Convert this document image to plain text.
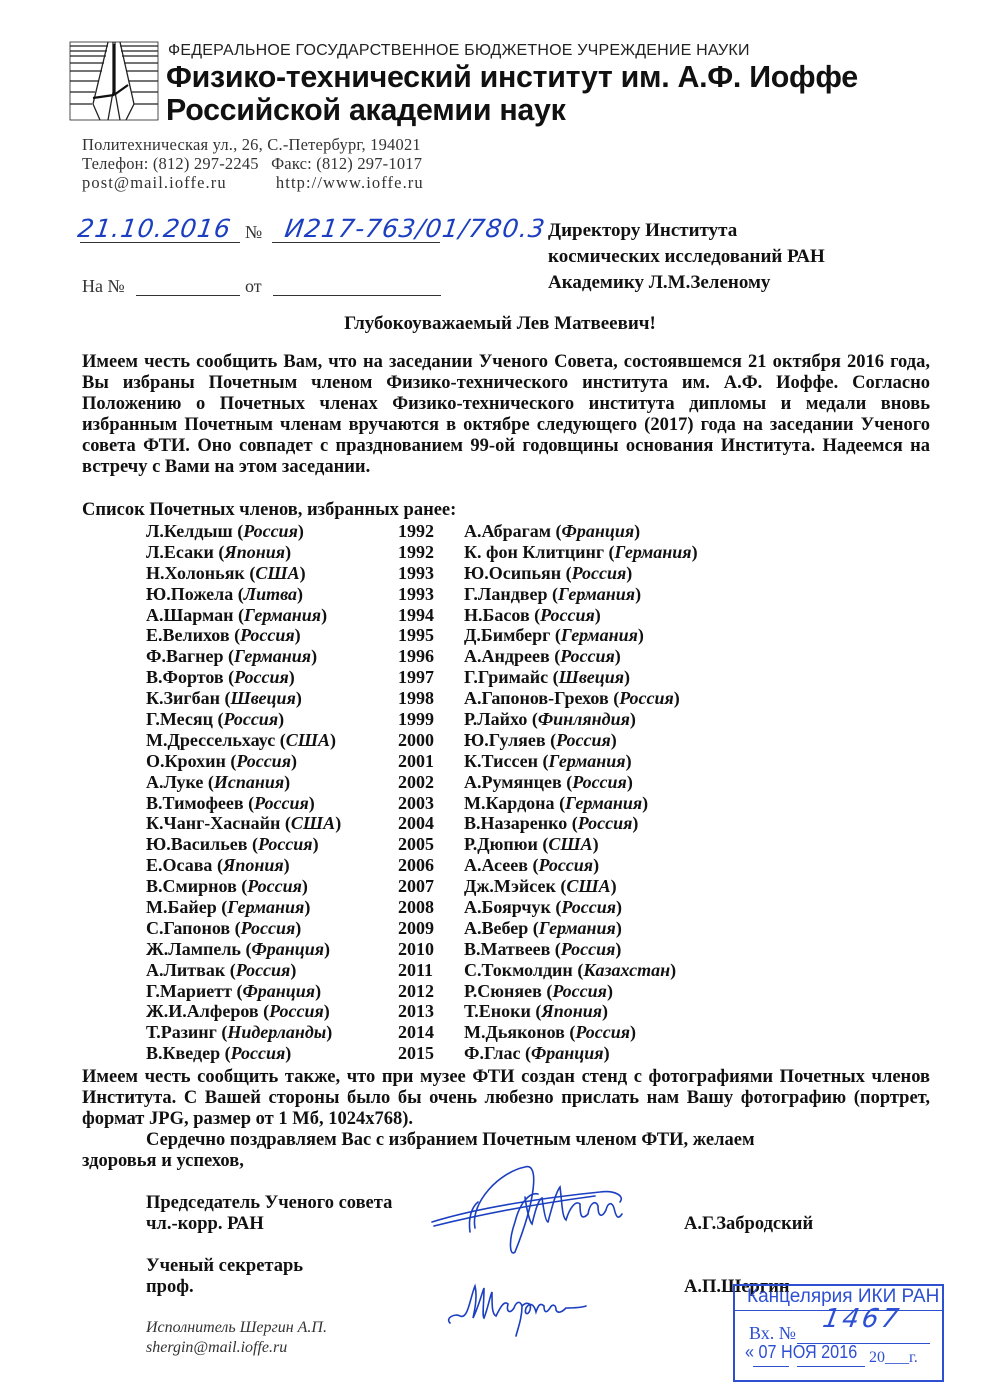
ФЕДЕРАЛЬНОЕ ГОСУДАРСТВЕННОЕ БЮДЖЕТНОЕ УЧРЕЖДЕНИЕ НАУКИ
Физико-технический институт им. А.Ф. Иоффе
Российской академии наук
Политехническая ул., 26, С.-Петербург, 194021
Телефон: (812) 297-2245 Факс: (812) 297-1017
post@mail.ioffe.ru	http://www.ioffe.ru
21.10.2016 № И217-763/01/780.3
На №	от
Директору Института
космических исследований РАН
Академику Л.М.Зеленому
Глубокоуважаемый Лев Матвеевич!
Имеем честь сообщить Вам, что на заседании Ученого Совета, состоявшемся 21 октября 2016 года, Вы избраны Почетным членом Физико-технического института им. А.Ф. Иоффе. Согласно Положению о Почетных членах Физико-технического института дипломы и медали вновь избранным Почетным членам вручаются в октябре следующего (2017) года на заседании Ученого совета ФТИ. Оно совпадет с празднованием 99-ой годовщины основания Института. Надеемся на встречу с Вами на этом заседании.
Список Почетных членов, избранных ранее:
Л.Келдыш (Россия)	1992	А.Абрагам (Франция)
Л.Есаки (Япония)	1992	К. фон Клитцинг (Германия)
Н.Холоньяк (США)	1993	Ю.Осипьян (Россия)
Ю.Пожела (Литва)	1993	Г.Ландвер (Германия)
А.Шарман (Германия)	1994	Н.Басов (Россия)
Е.Велихов (Россия)	1995	Д.Бимберг (Германия)
Ф.Вагнер (Германия)	1996	А.Андреев (Россия)
В.Фортов (Россия)	1997	Г.Гримайс (Швеция)
К.Зигбан (Швеция)	1998	А.Гапонов-Грехов (Россия)
Г.Месяц (Россия)	1999	Р.Лайхо (Финляндия)
М.Дрессельхаус (США)	2000	Ю.Гуляев (Россия)
О.Крохин (Россия)	2001	К.Тиссен (Германия)
А.Луке (Испания)	2002	А.Румянцев (Россия)
В.Тимофеев (Россия)	2003	М.Кардона (Германия)
К.Чанг-Хаснайн (США)	2004	В.Назаренко (Россия)
Ю.Васильев (Россия)	2005	Р.Дюпюи (США)
Е.Осава (Япония)	2006	А.Асеев (Россия)
В.Смирнов (Россия)	2007	Дж.Мэйсек (США)
М.Байер (Германия)	2008	А.Боярчук (Россия)
С.Гапонов (Россия)	2009	А.Вебер (Германия)
Ж.Лампель (Франция)	2010	В.Матвеев (Россия)
А.Литвак (Россия)	2011	С.Токмолдин (Казахстан)
Г.Мариетт (Франция)	2012	Р.Сюняев (Россия)
Ж.И.Алферов (Россия)	2013	Т.Еноки (Япония)
Т.Разинг (Нидерланды)	2014	М.Дьяконов (Россия)
В.Кведер (Россия)	2015	Ф.Глас (Франция)
Имеем честь сообщить также, что при музее ФТИ создан стенд с фотографиями Почетных членов Института. С Вашей стороны было бы очень любезно прислать нам Вашу фотографию (портрет, формат JPG, размер от 1 Мб, 1024x768).
Сердечно поздравляем Вас с избранием Почетным членом ФТИ, желаем
здоровья и успехов,
Председатель Ученого совета
чл.-корр. РАН	А.Г.Забродский
Ученый секретарь
проф.	А.П.Шергин
Исполнитель Шергин А.П.
shergin@mail.ioffe.ru
Канцелярия ИКИ РАН
Вх. № 1467
« 07 НОЯ 2016 20___г.
